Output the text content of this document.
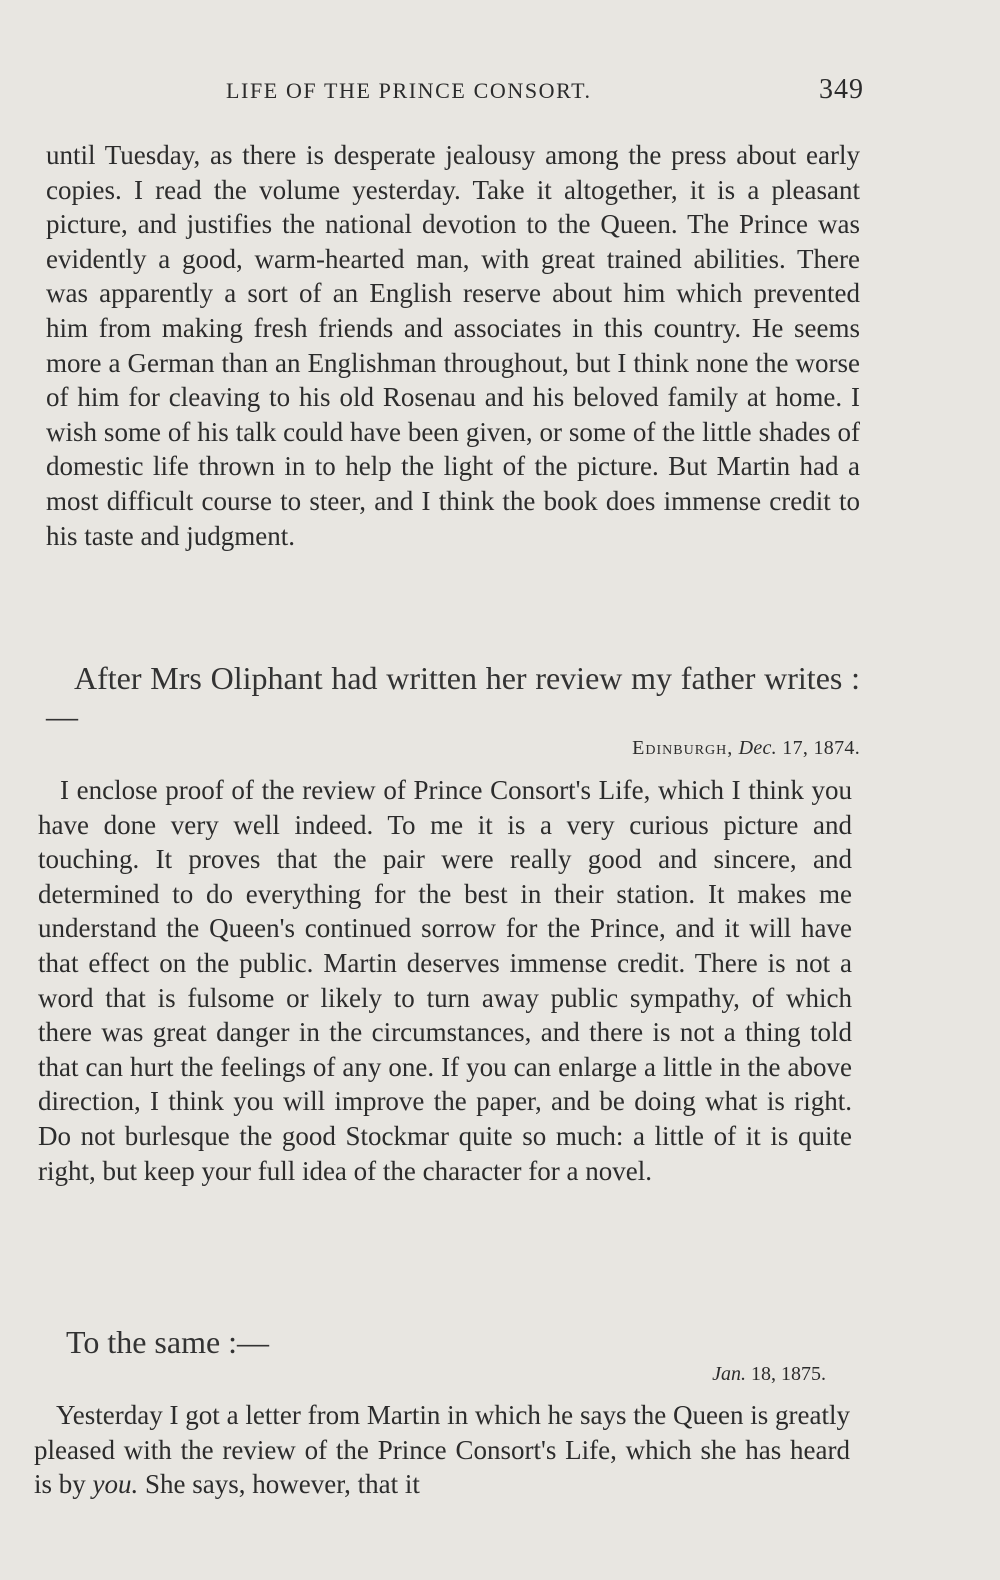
LIFE OF THE PRINCE CONSORT.	349

until Tuesday, as there is desperate jealousy among the press about early copies. I read the volume yesterday. Take it altogether, it is a pleasant picture, and justifies the national devotion to the Queen. The Prince was evidently a good, warm-hearted man, with great trained abilities. There was apparently a sort of an English reserve about him which prevented him from making fresh friends and associates in this country. He seems more a German than an Englishman throughout, but I think none the worse of him for cleaving to his old Rosenau and his beloved family at home. I wish some of his talk could have been given, or some of the little shades of domestic life thrown in to help the light of the picture. But Martin had a most difficult course to steer, and I think the book does immense credit to his taste and judgment.

After Mrs Oliphant had written her review my father writes :—

Edinburgh, Dec. 17, 1874.

I enclose proof of the review of Prince Consort's Life, which I think you have done very well indeed. To me it is a very curious picture and touching. It proves that the pair were really good and sincere, and determined to do everything for the best in their station. It makes me understand the Queen's continued sorrow for the Prince, and it will have that effect on the public. Martin deserves immense credit. There is not a word that is fulsome or likely to turn away public sympathy, of which there was great danger in the circumstances, and there is not a thing told that can hurt the feelings of any one. If you can enlarge a little in the above direction, I think you will improve the paper, and be doing what is right. Do not burlesque the good Stockmar quite so much: a little of it is quite right, but keep your full idea of the character for a novel.

To the same :—

Jan. 18, 1875.

Yesterday I got a letter from Martin in which he says the Queen is greatly pleased with the review of the Prince Consort's Life, which she has heard is by you. She says, however, that it
